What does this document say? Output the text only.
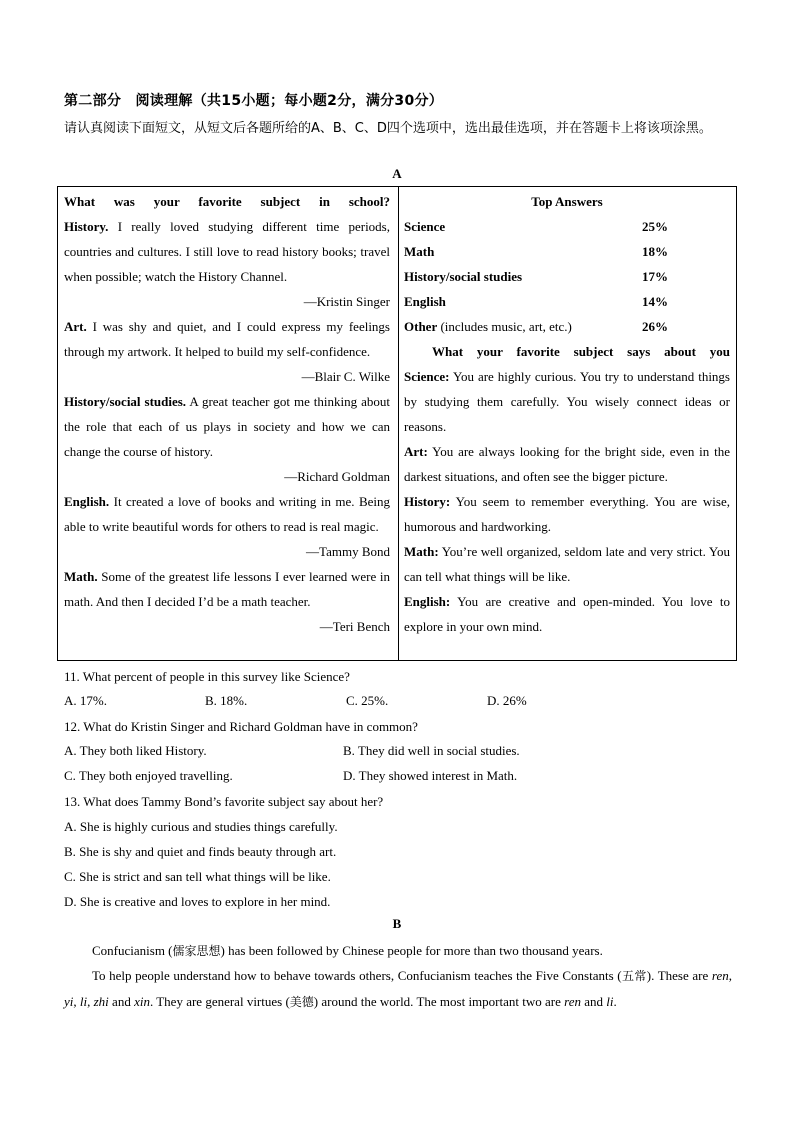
第二部分　阅读理解（共15小题；每小题2分，满分30分）
请认真阅读下面短文，从短文后各题所给的A、B、C、D四个选项中，选出最佳选项，并在答题卡上将该项涂黑。
A
What was your favorite subject in school?
History. I really loved studying different time periods, countries and cultures. I still love to read history books; travel when possible; watch the History Channel.
—Kristin Singer
Art. I was shy and quiet, and I could express my feelings through my artwork. It helped to build my self-confidence.
—Blair C. Wilke
History/social studies. A great teacher got me thinking about the role that each of us plays in society and how we can change the course of history.
—Richard Goldman
English. It created a love of books and writing in me. Being able to write beautiful words for others to read is real magic.
—Tammy Bond
Math. Some of the greatest life lessons I ever learned were in math. And then I decided I’d be a math teacher.
—Teri Bench
Top Answers
Science	25%
Math	18%
History/social studies	17%
English	14%
Other (includes music, art, etc.)	26%
What your favorite subject says about you
Science: You are highly curious. You try to understand things by studying them carefully. You wisely connect ideas or reasons.
Art: You are always looking for the bright side, even in the darkest situations, and often see the bigger picture.
History: You seem to remember everything. You are wise, humorous and hardworking.
Math: You’re well organized, seldom late and very strict. You can tell what things will be like.
English: You are creative and open-minded. You love to explore in your own mind.
11. What percent of people in this survey like Science?
A. 17%.	B. 18%.	C. 25%.	D. 26%
12. What do Kristin Singer and Richard Goldman have in common?
A. They both liked History.	B. They did well in social studies.
C. They both enjoyed travelling.	D. They showed interest in Math.
13. What does Tammy Bond’s favorite subject say about her?
A. She is highly curious and studies things carefully.
B. She is shy and quiet and finds beauty through art.
C. She is strict and san tell what things will be like.
D. She is creative and loves to explore in her mind.
B
Confucianism (儒家思想) has been followed by Chinese people for more than two thousand years.
To help people understand how to behave towards others, Confucianism teaches the Five Constants (五常). These are ren, yi, li, zhi and xin. They are general virtues (美德) around the world. The most important two are ren and li.
